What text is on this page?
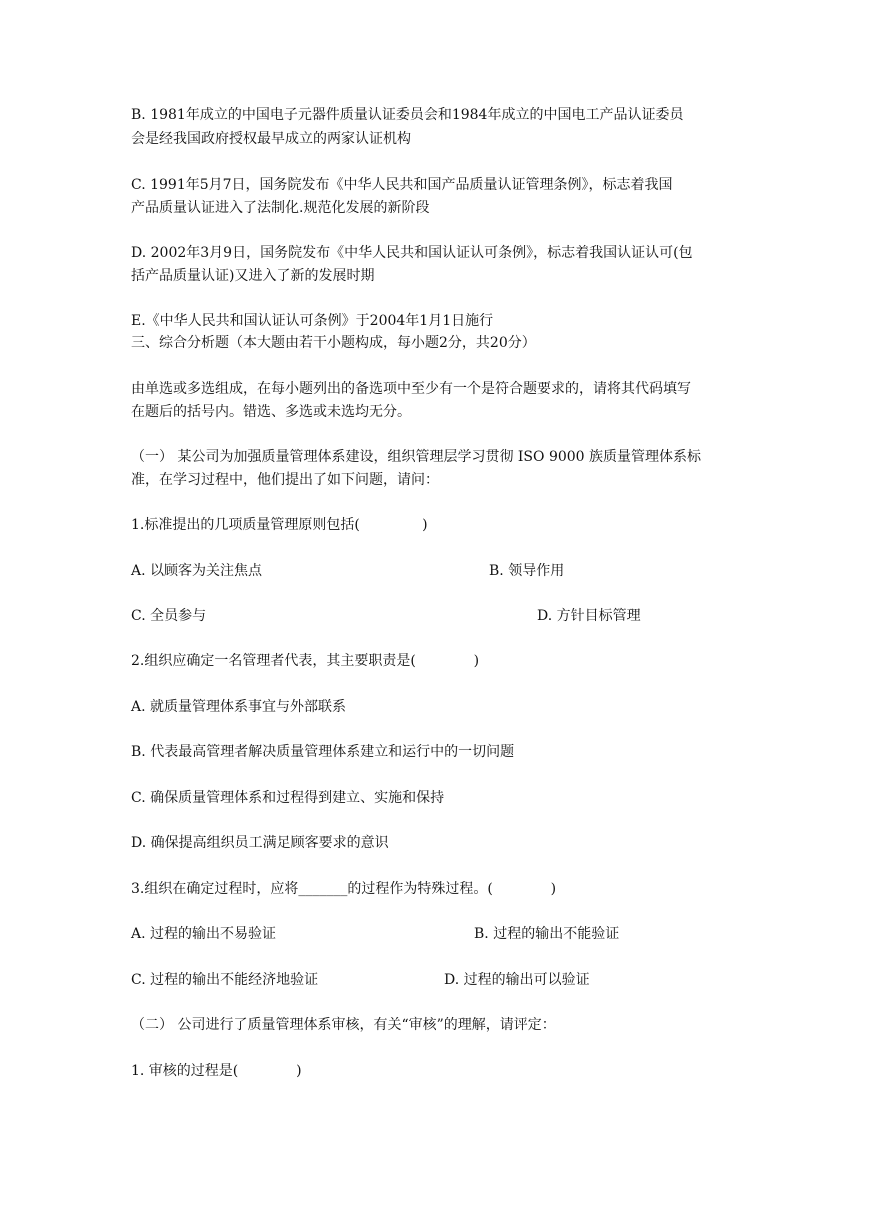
B. 1981年成立的中国电子元器件质量认证委员会和1984年成立的中国电工产品认证委员
会是经我国政府授权最早成立的两家认证机构
C. 1991年5月7日，国务院发布《中华人民共和国产品质量认证管理条例》，标志着我国
产品质量认证进入了法制化.规范化发展的新阶段
D. 2002年3月9日，国务院发布《中华人民共和国认证认可条例》，标志着我国认证认可(包
括产品质量认证)又进入了新的发展时期
E.《中华人民共和国认证认可条例》于2004年1月1日施行
三、综合分析题（本大题由若干小题构成，每小题2分，共20分）
由单选或多选组成，在每小题列出的备选项中至少有一个是符合题要求的，请将其代码填写
在题后的括号内。错选、多选或未选均无分。
（一） 某公司为加强质量管理体系建设，组织管理层学习贯彻 ISO 9000 族质量管理体系标
准，在学习过程中，他们提出了如下问题，请问：
1.标准提出的几项质量管理原则包括(              )
A. 以顾客为关注焦点	B. 领导作用
C. 全员参与	D. 方针目标管理
2.组织应确定一名管理者代表，其主要职责是(             )
A. 就质量管理体系事宜与外部联系
B. 代表最高管理者解决质量管理体系建立和运行中的一切问题
C. 确保质量管理体系和过程得到建立、实施和保持
D. 确保提高组织员工满足顾客要求的意识
3.组织在确定过程时，应将_______的过程作为特殊过程。(             )
A. 过程的输出不易验证	B. 过程的输出不能验证
C. 过程的输出不能经济地验证	D. 过程的输出可以验证
（二） 公司进行了质量管理体系审核，有关“审核”的理解，请评定：
1. 审核的过程是(             )
